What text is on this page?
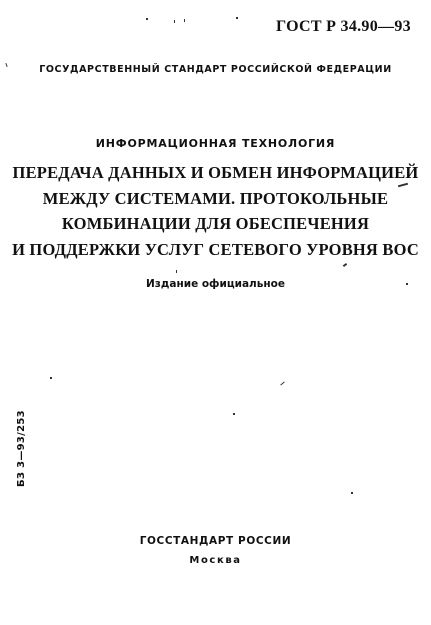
ГОСТ Р 34.90—93
ГОСУДАРСТВЕННЫЙ СТАНДАРТ РОССИЙСКОЙ ФЕДЕРАЦИИ
ИНФОРМАЦИОННАЯ ТЕХНОЛОГИЯ
ПЕРЕДАЧА ДАННЫХ И ОБМЕН ИНФОРМАЦИЕЙ
МЕЖДУ СИСТЕМАМИ. ПРОТОКОЛЬНЫЕ
КОМБИНАЦИИ ДЛЯ ОБЕСПЕЧЕНИЯ
И ПОДДЕРЖКИ УСЛУГ СЕТЕВОГО УРОВНЯ ВОС
Издание официальное
БЗ 3—93/253
ГОССТАНДАРТ РОССИИ
Москва
